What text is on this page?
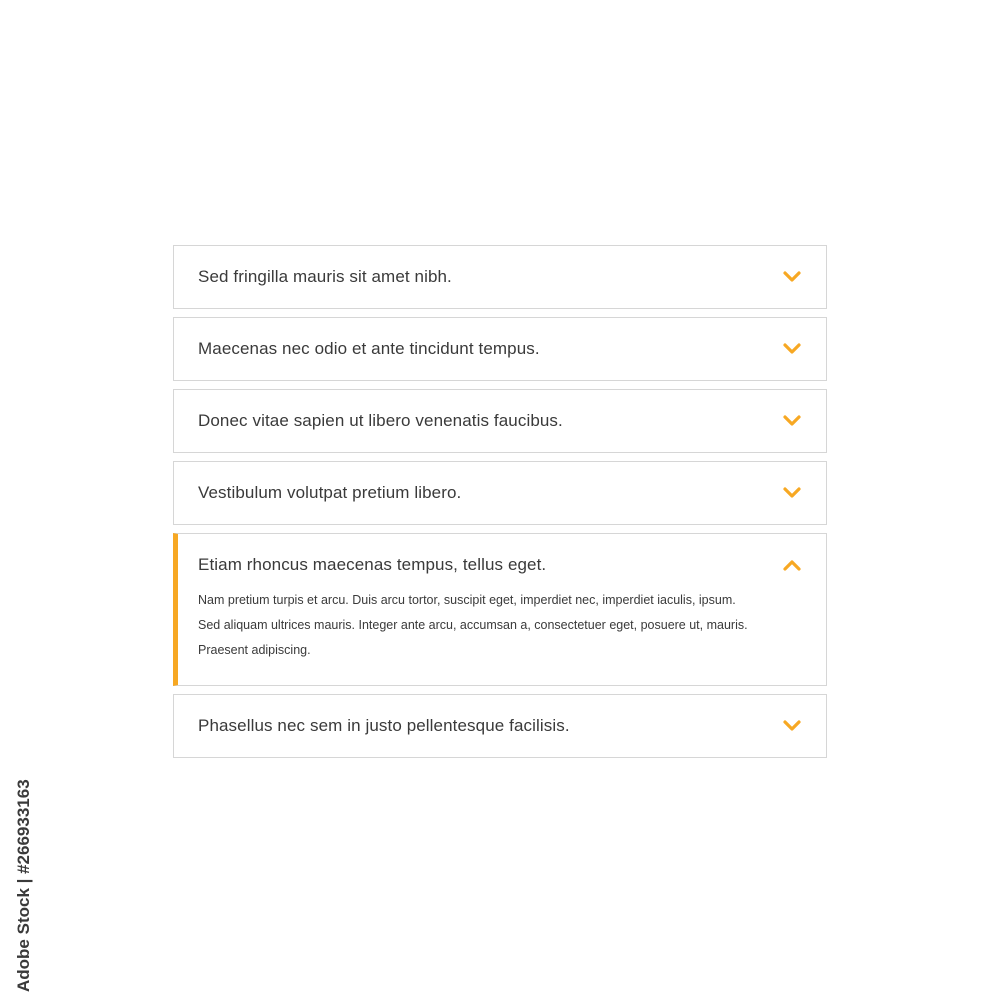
Sed fringilla mauris sit amet nibh.
Maecenas nec odio et ante tincidunt tempus.
Donec vitae sapien ut libero venenatis faucibus.
Vestibulum volutpat pretium libero.
Etiam rhoncus maecenas tempus, tellus eget.

Nam pretium turpis et arcu. Duis arcu tortor, suscipit eget, imperdiet nec, imperdiet iaculis, ipsum. Sed aliquam ultrices mauris. Integer ante arcu, accumsan a, consectetuer eget, posuere ut, mauris. Praesent adipiscing.

Phasellus nec sem in justo pellentesque facilisis.
Adobe Stock | #266933163
